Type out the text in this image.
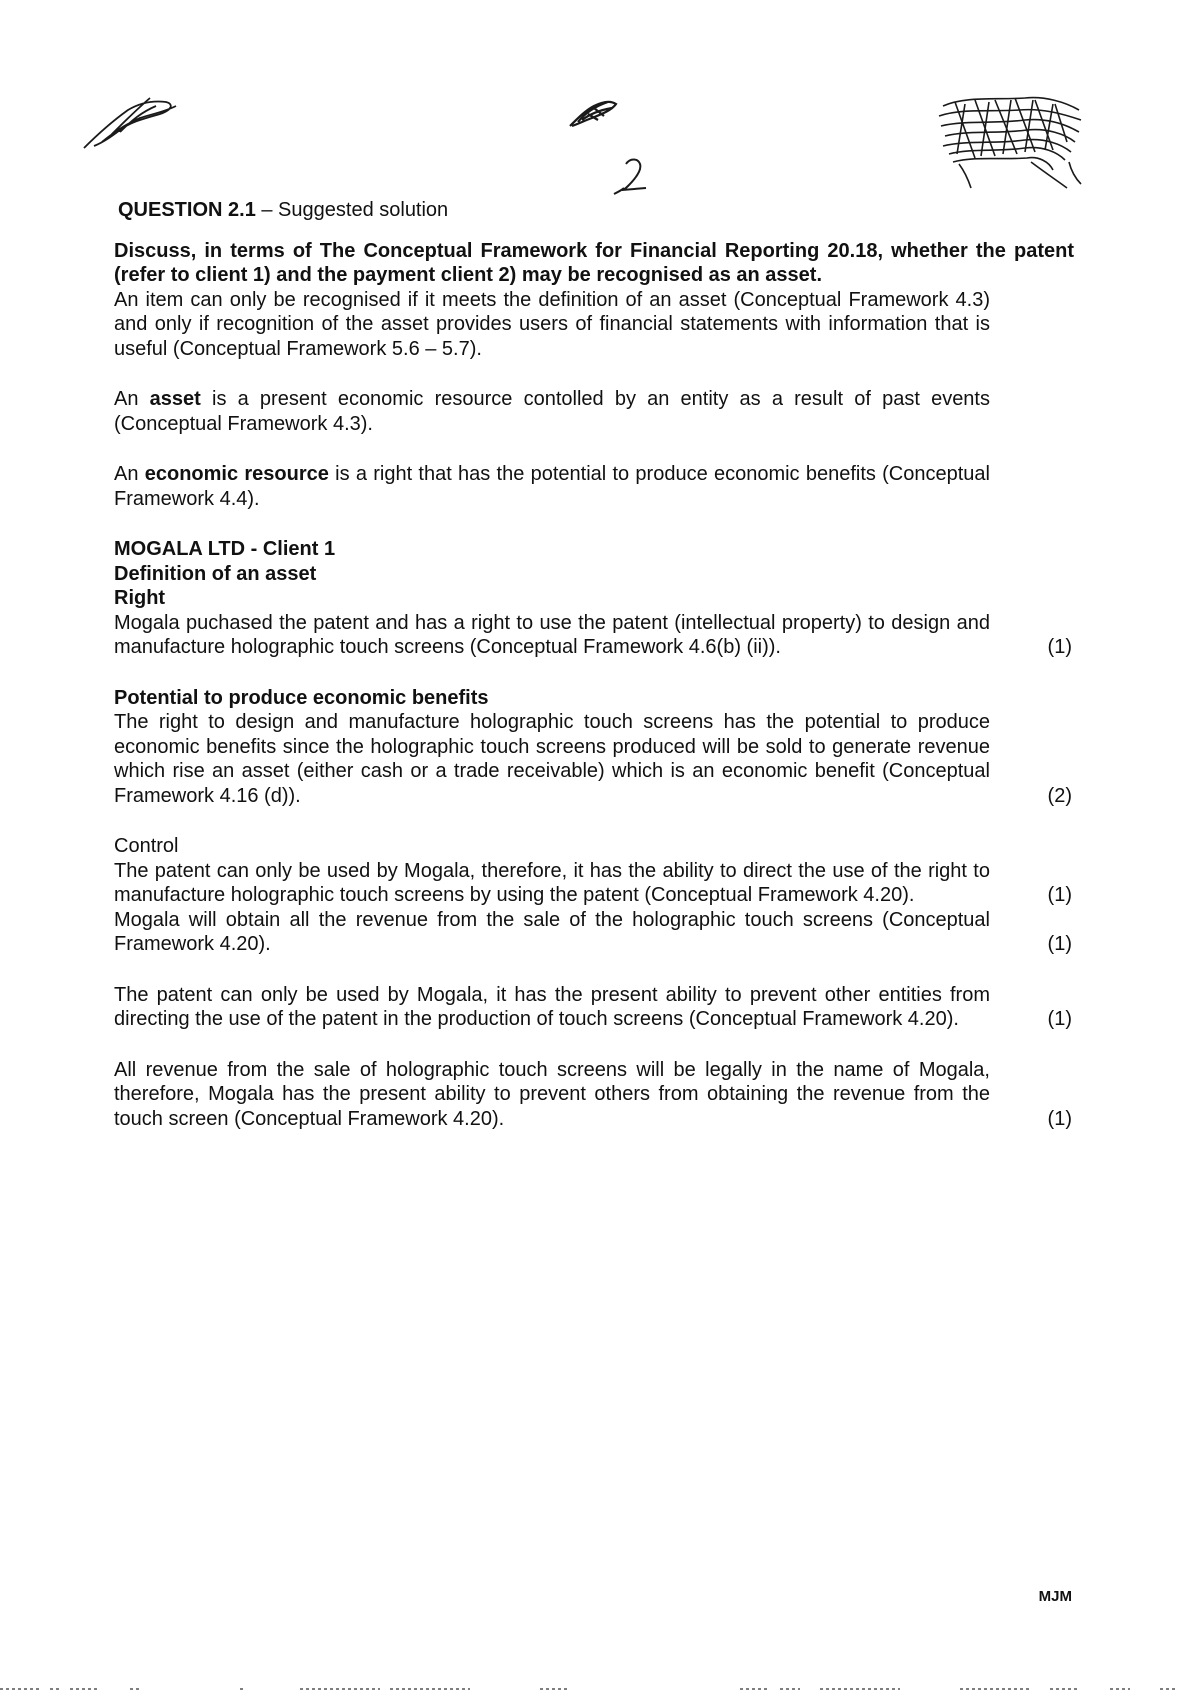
QUESTION 2.1 – Suggested solution

Discuss, in terms of The Conceptual Framework for Financial Reporting 20.18, whether the patent (refer to client 1) and the payment client 2) may be recognised as an asset.

An item can only be recognised if it meets the definition of an asset (Conceptual Framework 4.3) and only if recognition of the asset provides users of financial statements with information that is useful (Conceptual Framework 5.6 – 5.7).

An asset is a present economic resource contolled by an entity as a result of past events (Conceptual Framework 4.3).

An economic resource is a right that has the potential to produce economic benefits (Conceptual Framework 4.4).

MOGALA LTD - Client 1

Definition of an asset

Right

Mogala puchased the patent and has a right to use the patent (intellectual property) to design and manufacture holographic touch screens (Conceptual Framework 4.6(b) (ii)).	(1)

Potential to produce economic benefits

The right to design and manufacture holographic touch screens has the potential to produce economic benefits since the holographic touch screens produced will be sold to generate revenue which rise an asset (either cash or a trade receivable) which is an economic benefit (Conceptual Framework 4.16 (d)).	(2)

Control

The patent can only be used by Mogala, therefore, it has the ability to direct the use of the right to manufacture holographic touch screens by using the patent (Conceptual Framework 4.20).	(1)

Mogala will obtain all the revenue from the sale of the holographic touch screens (Conceptual Framework 4.20).	(1)

The patent can only be used by Mogala, it has the present ability to prevent other entities from directing the use of the patent in the production of touch screens (Conceptual Framework 4.20).	(1)

All revenue from the sale of holographic touch screens will be legally in the name of Mogala, therefore, Mogala has the present ability to prevent others from obtaining the revenue from the touch screen (Conceptual Framework 4.20).	(1)

MJM
